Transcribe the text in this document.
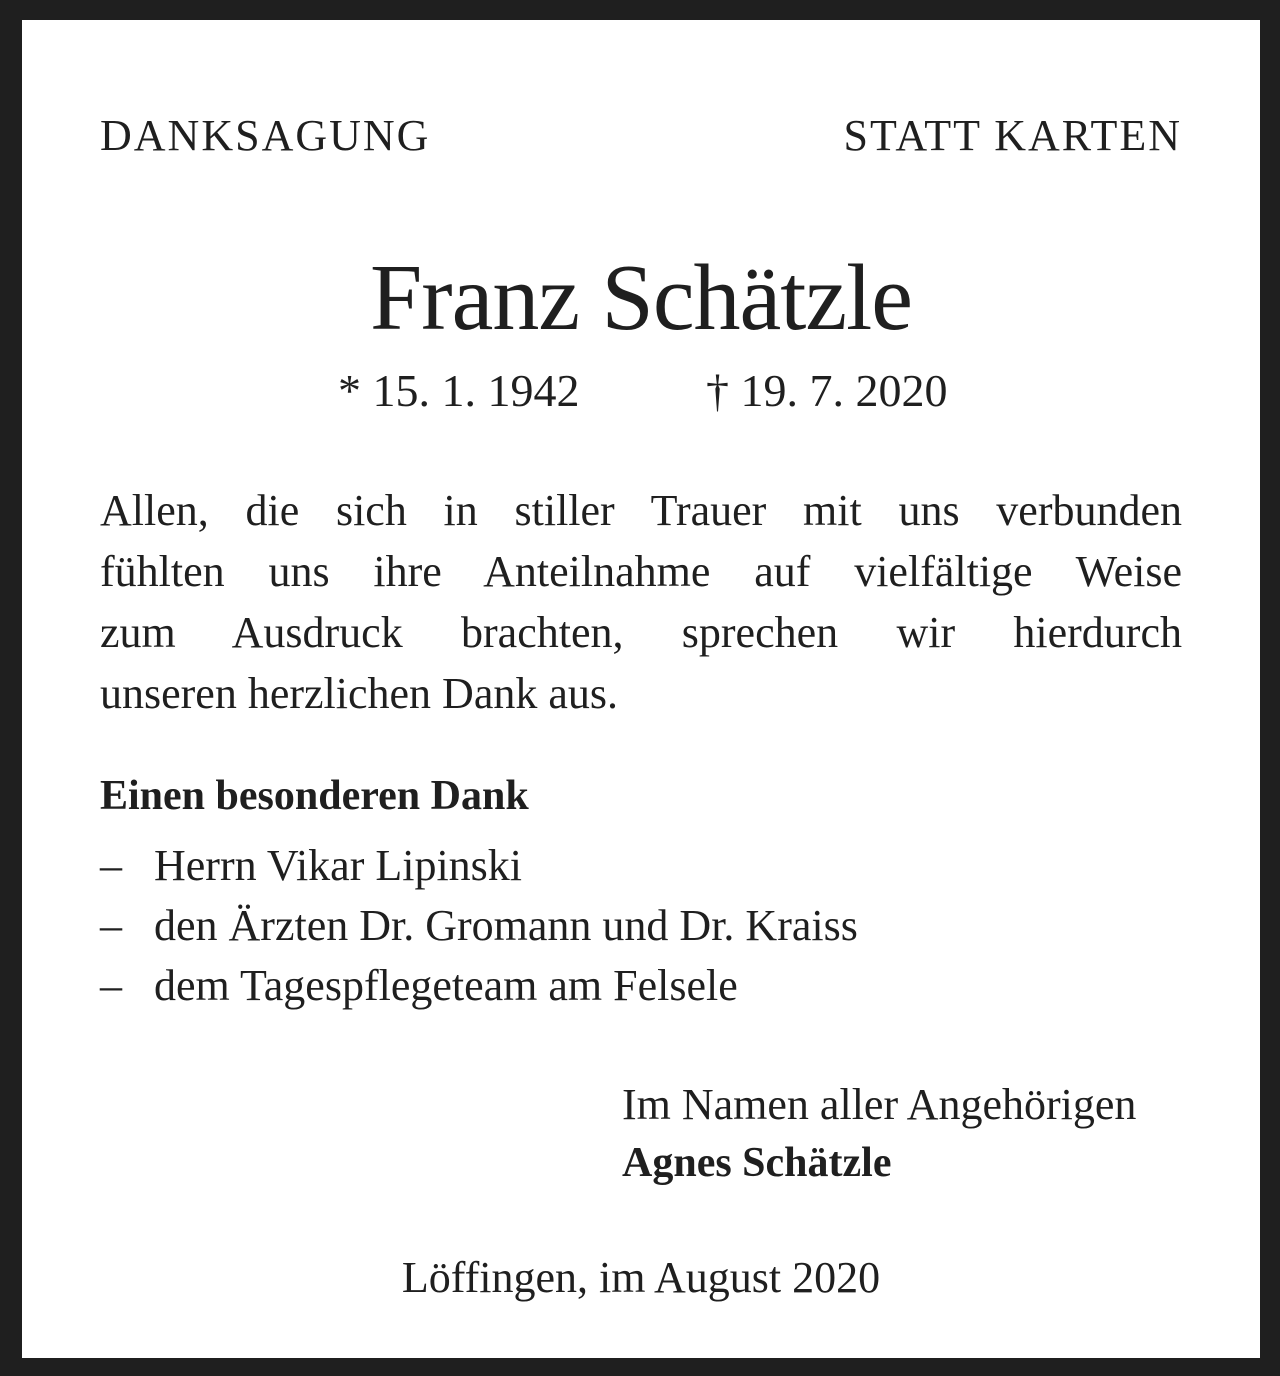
DANKSAGUNG	STATT KARTEN
Franz Schätzle
* 15. 1. 1942	† 19. 7. 2020
Allen, die sich in stiller Trauer mit uns verbunden
fühlten uns ihre Anteilnahme auf vielfältige Weise
zum Ausdruck brachten, sprechen wir hierdurch
unseren herzlichen Dank aus.
Einen besonderen Dank
– Herrn Vikar Lipinski
– den Ärzten Dr. Gromann und Dr. Kraiss
– dem Tagespflegeteam am Felsele
Im Namen aller Angehörigen
Agnes Schätzle
Löffingen, im August 2020
